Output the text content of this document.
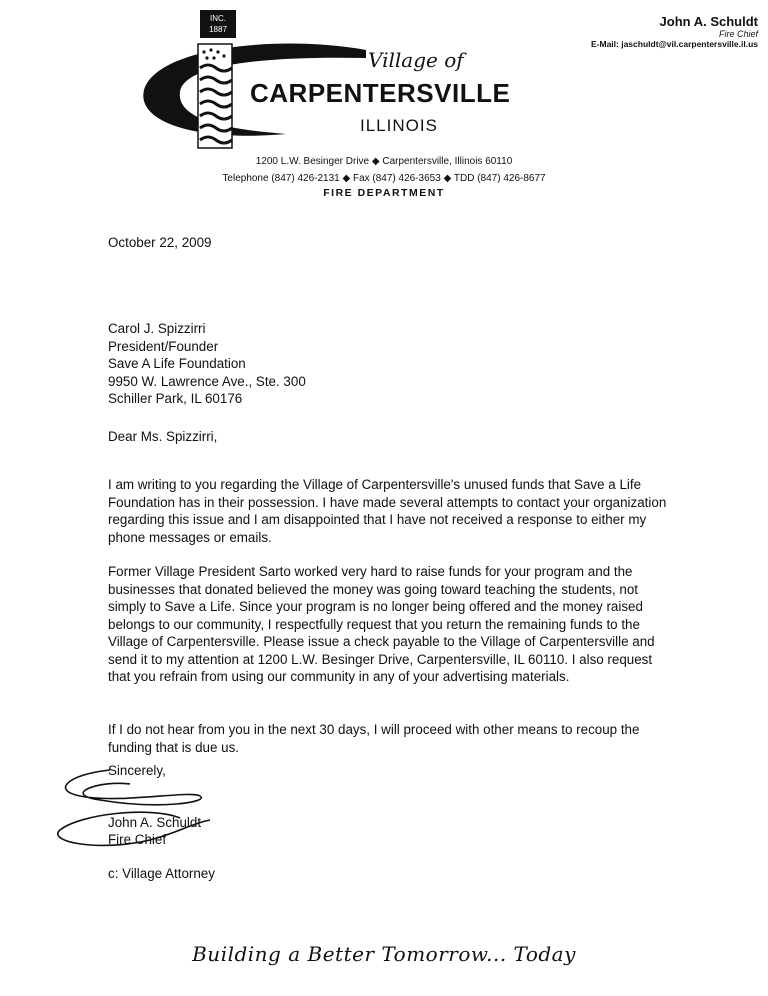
John A. Schuldt
Fire Chief
E-Mail: jaschuldt@vil.carpentersville.il.us
INC.
1887
Village of
CARPENTERSVILLE
ILLINOIS
1200 L.W. Besinger Drive ◆ Carpentersville, Illinois 60110
Telephone (847) 426-2131 ◆ Fax (847) 426-3653 ◆ TDD (847) 426-8677
FIRE DEPARTMENT
October 22, 2009
Carol J. Spizzirri
President/Founder
Save A Life Foundation
9950 W. Lawrence Ave., Ste. 300
Schiller Park, IL 60176
Dear Ms. Spizzirri,

I am writing to you regarding the Village of Carpentersville's unused funds that Save a Life Foundation has in their possession. I have made several attempts to contact your organization regarding this issue and I am disappointed that I have not received a response to either my phone messages or emails.

Former Village President Sarto worked very hard to raise funds for your program and the businesses that donated believed the money was going toward teaching the students, not simply to Save a Life. Since your program is no longer being offered and the money raised belongs to our community, I respectfully request that you return the remaining funds to the Village of Carpentersville. Please issue a check payable to the Village of Carpentersville and send it to my attention at 1200 L.W. Besinger Drive, Carpentersville, IL 60110. I also request that you refrain from using our community in any of your advertising materials.

If I do not hear from you in the next 30 days, I will proceed with other means to recoup the funding that is due us.

Sincerely,
John A. Schuldt
Fire Chief
c: Village Attorney
Building a Better Tomorrow... Today
